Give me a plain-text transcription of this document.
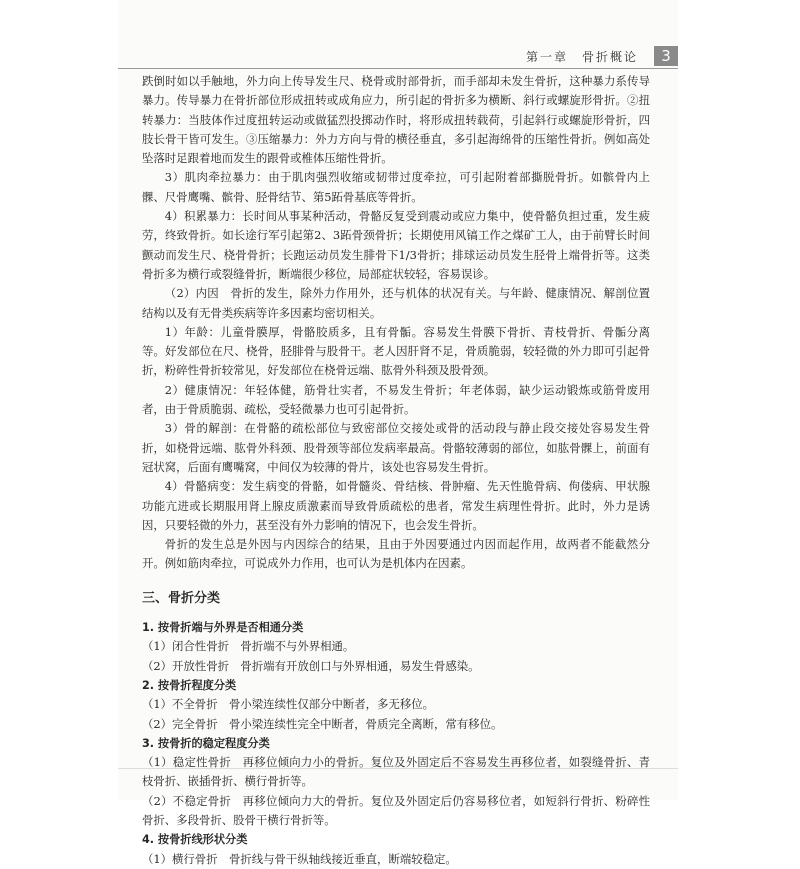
第一章　骨折概论	3

跌倒时如以手触地，外力向上传导发生尺、桡骨或肘部骨折，而手部却未发生骨折，这种暴力系传导暴力。传导暴力在骨折部位形成扭转或成角应力，所引起的骨折多为横断、斜行或螺旋形骨折。②扭转暴力：当肢体作过度扭转运动或做猛烈投掷动作时，将形成扭转载荷，引起斜行或螺旋形骨折，四肢长骨干皆可发生。③压缩暴力：外力方向与骨的横径垂直，多引起海绵骨的压缩性骨折。例如高处坠落时足跟着地而发生的跟骨或椎体压缩性骨折。

3）肌肉牵拉暴力：由于肌肉强烈收缩或韧带过度牵拉，可引起附着部撕脱骨折。如髌骨内上髁、尺骨鹰嘴、髌骨、胫骨结节、第5跖骨基底等骨折。

4）积累暴力：长时间从事某种活动，骨骼反复受到震动或应力集中，使骨骼负担过重，发生疲劳，终致骨折。如长途行军引起第2、3跖骨颈骨折；长期使用风镐工作之煤矿工人，由于前臂长时间颤动而发生尺、桡骨骨折；长跑运动员发生腓骨下1/3骨折；排球运动员发生胫骨上端骨折等。这类骨折多为横行或裂缝骨折，断端很少移位，局部症状较轻，容易误诊。

（2）内因　骨折的发生，除外力作用外，还与机体的状况有关。与年龄、健康情况、解剖位置结构以及有无骨类疾病等许多因素均密切相关。

1）年龄：儿童骨膜厚，骨骼胶质多，且有骨骺。容易发生骨膜下骨折、青枝骨折、骨骺分离等。好发部位在尺、桡骨，胫腓骨与股骨干。老人因肝肾不足，骨质脆弱，较轻微的外力即可引起骨折，粉碎性骨折较常见，好发部位在桡骨远端、肱骨外科颈及股骨颈。

2）健康情况：年轻体健，筋骨壮实者，不易发生骨折；年老体弱，缺少运动锻炼或筋骨废用者，由于骨质脆弱、疏松，受轻微暴力也可引起骨折。

3）骨的解剖：在骨骼的疏松部位与致密部位交接处或骨的活动段与静止段交接处容易发生骨折，如桡骨远端、肱骨外科颈、股骨颈等部位发病率最高。骨骼较薄弱的部位，如肱骨髁上，前面有冠状窝，后面有鹰嘴窝，中间仅为较薄的骨片，该处也容易发生骨折。

4）骨骼病变：发生病变的骨骼，如骨髓炎、骨结核、骨肿瘤、先天性脆骨病、佝偻病、甲状腺功能亢进或长期服用肾上腺皮质激素而导致骨质疏松的患者，常发生病理性骨折。此时，外力是诱因，只要轻微的外力，甚至没有外力影响的情况下，也会发生骨折。

骨折的发生总是外因与内因综合的结果，且由于外因要通过内因而起作用，故两者不能截然分开。例如筋肉牵拉，可说成外力作用，也可认为是机体内在因素。

三、骨折分类

1. 按骨折端与外界是否相通分类

（1）闭合性骨折　骨折端不与外界相通。

（2）开放性骨折　骨折端有开放创口与外界相通，易发生骨感染。

2. 按骨折程度分类

（1）不全骨折　骨小梁连续性仅部分中断者，多无移位。

（2）完全骨折　骨小梁连续性完全中断者，骨质完全离断，常有移位。

3. 按骨折的稳定程度分类

（1）稳定性骨折　再移位倾向力小的骨折。复位及外固定后不容易发生再移位者，如裂缝骨折、青枝骨折、嵌插骨折、横行骨折等。

（2）不稳定骨折　再移位倾向力大的骨折。复位及外固定后仍容易移位者，如短斜行骨折、粉碎性骨折、多段骨折、股骨干横行骨折等。

4. 按骨折线形状分类

（1）横行骨折　骨折线与骨干纵轴线接近垂直，断端较稳定。
